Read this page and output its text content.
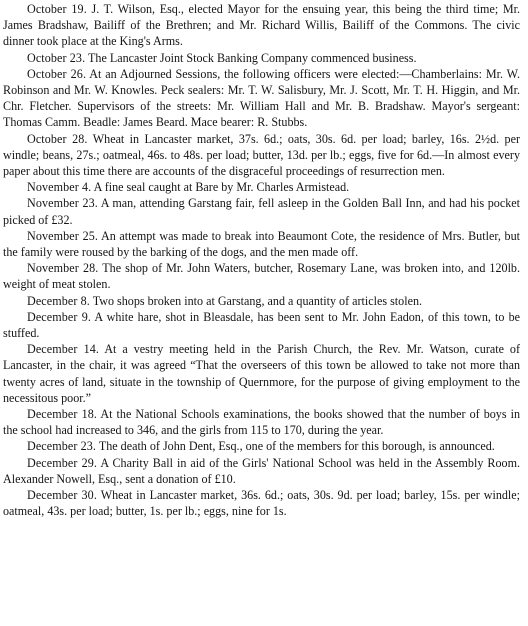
October 19. J. T. Wilson, Esq., elected Mayor for the ensuing year, this being the third time; Mr. James Bradshaw, Bailiff of the Brethren; and Mr. Richard Willis, Bailiff of the Commons. The civic dinner took place at the King's Arms.

October 23. The Lancaster Joint Stock Banking Company commenced business.

October 26. At an Adjourned Sessions, the following officers were elected:—Chamberlains: Mr. W. Robinson and Mr. W. Knowles. Peck sealers: Mr. T. W. Salisbury, Mr. J. Scott, Mr. T. H. Higgin, and Mr. Chr. Fletcher. Supervisors of the streets: Mr. William Hall and Mr. B. Bradshaw. Mayor's sergeant: Thomas Camm. Beadle: James Beard. Mace bearer: R. Stubbs.

October 28. Wheat in Lancaster market, 37s. 6d.; oats, 30s. 6d. per load; barley, 16s. 2½d. per windle; beans, 27s.; oatmeal, 46s. to 48s. per load; butter, 13d. per lb.; eggs, five for 6d.—In almost every paper about this time there are accounts of the disgraceful proceedings of resurrection men.

November 4. A fine seal caught at Bare by Mr. Charles Armistead.

November 23. A man, attending Garstang fair, fell asleep in the Golden Ball Inn, and had his pocket picked of £32.

November 25. An attempt was made to break into Beaumont Cote, the residence of Mrs. Butler, but the family were roused by the barking of the dogs, and the men made off.

November 28. The shop of Mr. John Waters, butcher, Rosemary Lane, was broken into, and 120lb. weight of meat stolen.

December 8. Two shops broken into at Garstang, and a quantity of articles stolen.

December 9. A white hare, shot in Bleasdale, has been sent to Mr. John Eadon, of this town, to be stuffed.

December 14. At a vestry meeting held in the Parish Church, the Rev. Mr. Watson, curate of Lancaster, in the chair, it was agreed “That the overseers of this town be allowed to take not more than twenty acres of land, situate in the township of Quernmore, for the purpose of giving employment to the necessitous poor.”

December 18. At the National Schools examinations, the books showed that the number of boys in the school had increased to 346, and the girls from 115 to 170, during the year.

December 23. The death of John Dent, Esq., one of the members for this borough, is announced.

December 29. A Charity Ball in aid of the Girls' National School was held in the Assembly Room. Alexander Nowell, Esq., sent a donation of £10.

December 30. Wheat in Lancaster market, 36s. 6d.; oats, 30s. 9d. per load; barley, 15s. per windle; oatmeal, 43s. per load; butter, 1s. per lb.; eggs, nine for 1s.
